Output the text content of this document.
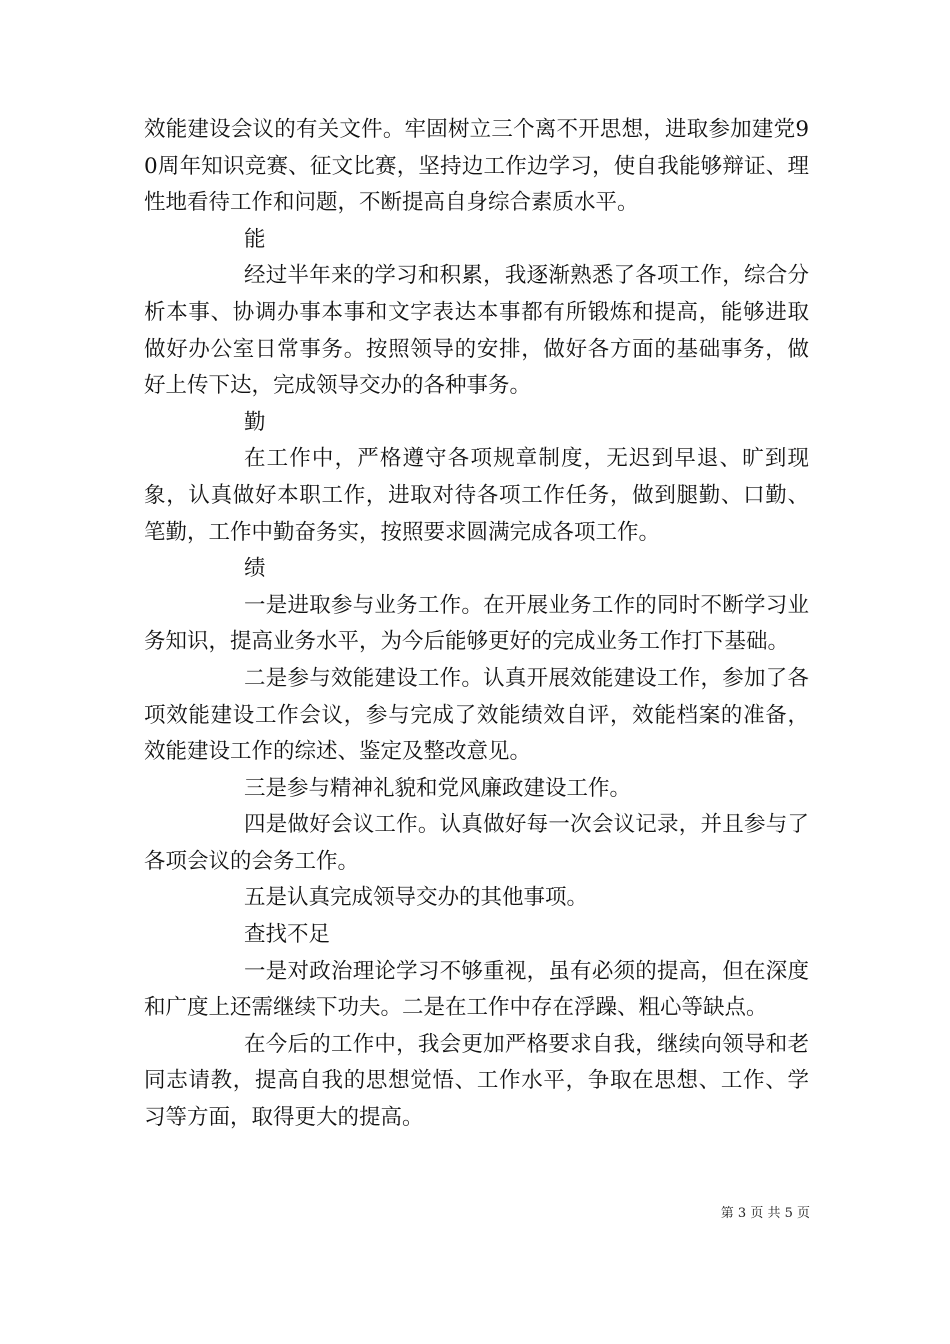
效能建设会议的有关文件。牢固树立三个离不开思想，进取参加建党90周年知识竞赛、征文比赛，坚持边工作边学习，使自我能够辩证、理性地看待工作和问题，不断提高自身综合素质水平。

能

经过半年来的学习和积累，我逐渐熟悉了各项工作，综合分析本事、协调办事本事和文字表达本事都有所锻炼和提高，能够进取做好办公室日常事务。按照领导的安排，做好各方面的基础事务，做好上传下达，完成领导交办的各种事务。

勤

在工作中，严格遵守各项规章制度，无迟到早退、旷到现象，认真做好本职工作，进取对待各项工作任务，做到腿勤、口勤、笔勤，工作中勤奋务实，按照要求圆满完成各项工作。

绩

一是进取参与业务工作。在开展业务工作的同时不断学习业务知识，提高业务水平，为今后能够更好的完成业务工作打下基础。

二是参与效能建设工作。认真开展效能建设工作，参加了各项效能建设工作会议，参与完成了效能绩效自评，效能档案的准备，效能建设工作的综述、鉴定及整改意见。

三是参与精神礼貌和党风廉政建设工作。

四是做好会议工作。认真做好每一次会议记录，并且参与了各项会议的会务工作。

五是认真完成领导交办的其他事项。

查找不足

一是对政治理论学习不够重视，虽有必须的提高，但在深度和广度上还需继续下功夫。二是在工作中存在浮躁、粗心等缺点。

在今后的工作中，我会更加严格要求自我，继续向领导和老同志请教，提高自我的思想觉悟、工作水平，争取在思想、工作、学习等方面，取得更大的提高。

第 3 页 共 5 页
